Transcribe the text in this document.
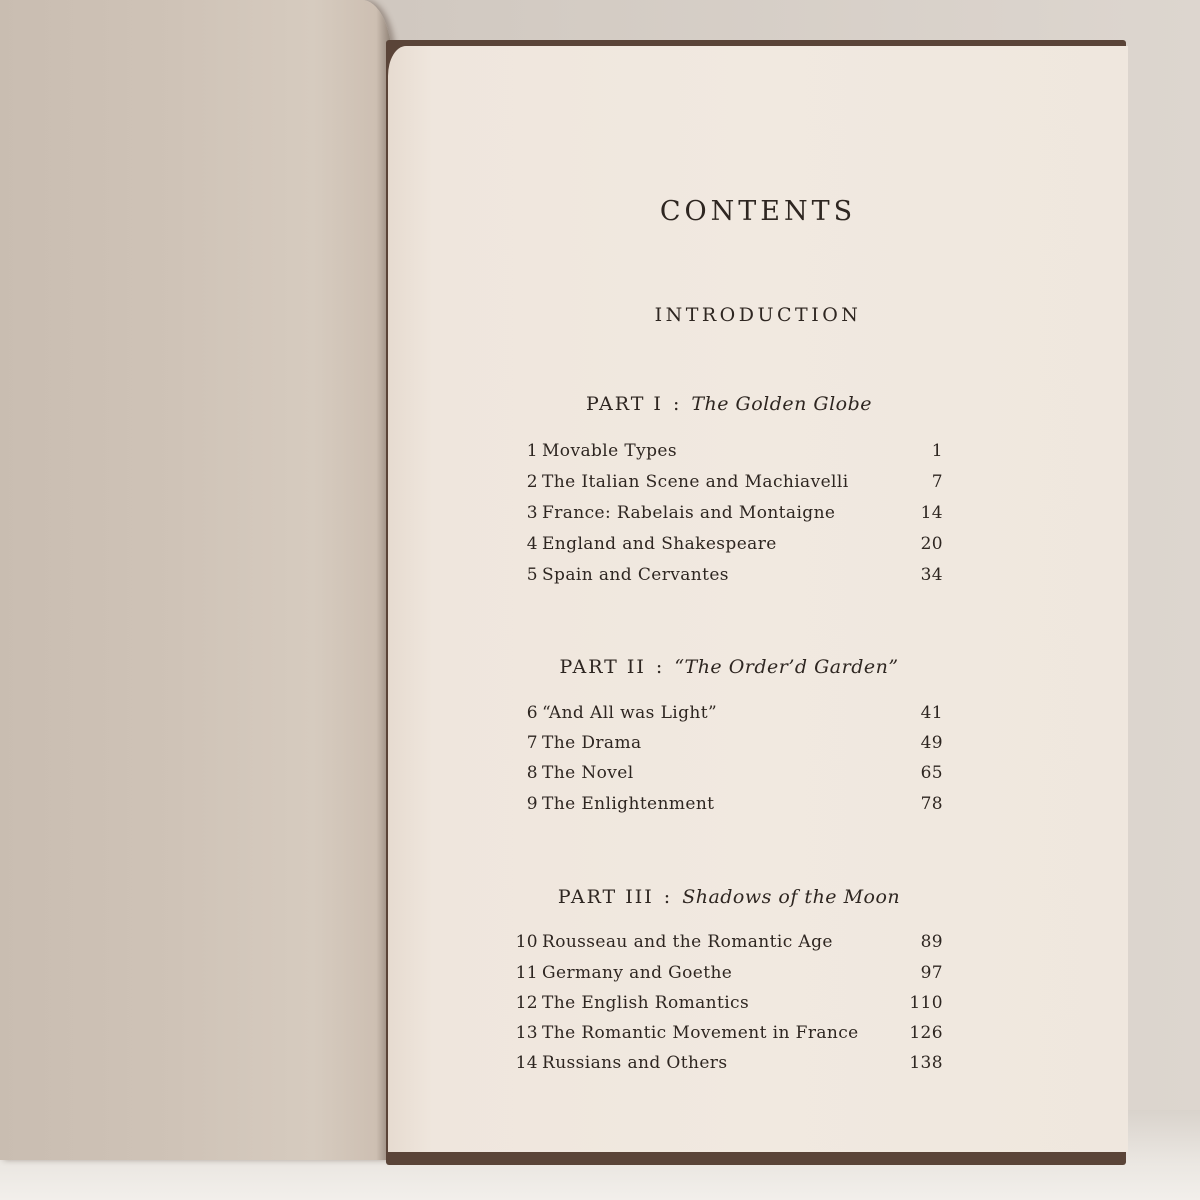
CONTENTS
INTRODUCTION
PART I : The Golden Globe
1 Movable Types	1
2 The Italian Scene and Machiavelli	7
3 France: Rabelais and Montaigne	14
4 England and Shakespeare	20
5 Spain and Cervantes	34
PART II : “The Order’d Garden”
6 “And All was Light”	41
7 The Drama	49
8 The Novel	65
9 The Enlightenment	78
PART III : Shadows of the Moon
10 Rousseau and the Romantic Age	89
11 Germany and Goethe	97
12 The English Romantics	110
13 The Romantic Movement in France	126
14 Russians and Others	138
